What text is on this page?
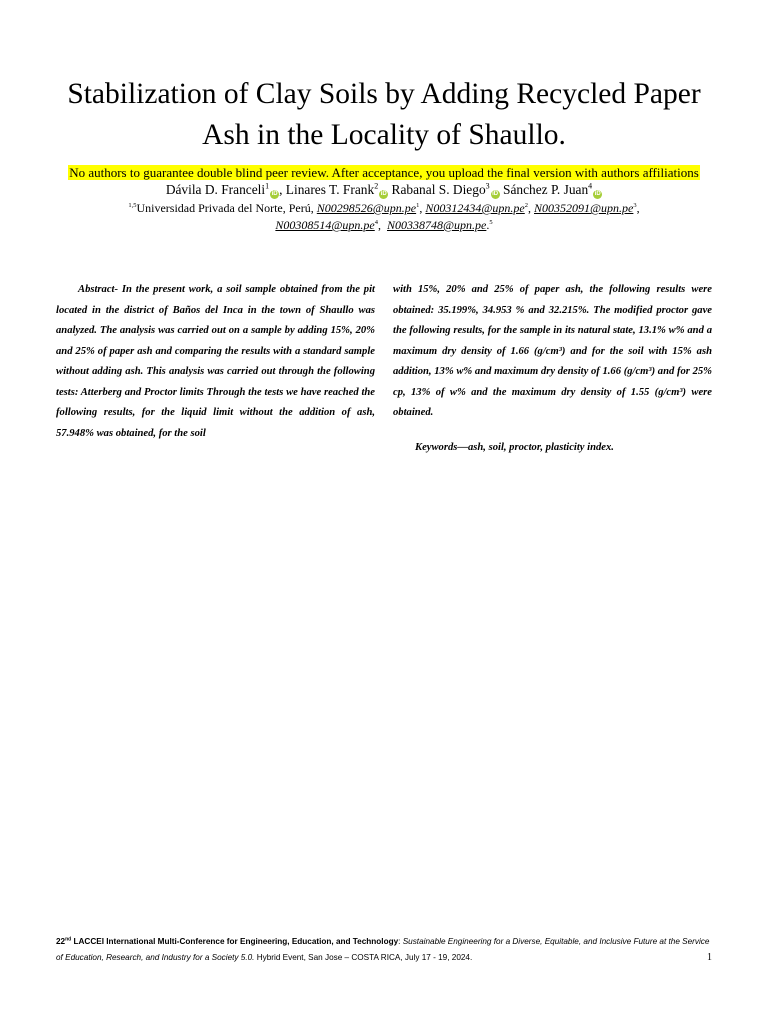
Stabilization of Clay Soils by Adding Recycled Paper
Ash in the Locality of Shaullo.
No authors to guarantee double blind peer review. After acceptance, you upload the final version with authors affiliations
Dávila D. Franceli$^1$iD , Linares T. Frank$^2$iD Rabanal S. Diego$^3$iD Sánchez P. Juan$^4$iD
$^{1,5}$Universidad Privada del Norte, Perú, $N00298526@upn.pe^1$, $N00312434@upn.pe^2$, $N00352091@upn.pe^3$,
$N00308514@upn.pe^4$,  N00338748@upn.pe.$^5$

Abstract- In the present work, a soil sample obtained from the pit located in the district of Baños del Inca in the town of Shaullo was analyzed. The analysis was carried out on a sample by adding 15%, 20% and 25% of paper ash and comparing the results with a standard sample without adding ash. This analysis was carried out through the following tests: Atterberg and Proctor limits Through the tests we have reached the following results, for the liquid limit without the addition of ash, 57.948% was obtained, for the soil

with 15%, 20% and 25% of paper ash, the following results were obtained: 35.199%, 34.953 % and 32.215%. The modified proctor gave the following results, for the sample in its natural state, 13.1% w% and a maximum dry density of 1.66 (g/cm³) and for the soil with 15% ash addition, 13% w% and maximum dry density of 1.66 (g/cm³) and for 25% cp, 13% of w% and the maximum dry density of 1.55 (g/cm³) were obtained.

Keywords—ash, soil, proctor, plasticity index.

22nd LACCEI International Multi-Conference for Engineering, Education, and Technology: Sustainable Engineering for a Diverse, Equitable, and Inclusive Future at the Service of Education, Research, and Industry for a Society 5.0. Hybrid Event, San Jose – COSTA RICA, July 17 - 19, 2024.	1
